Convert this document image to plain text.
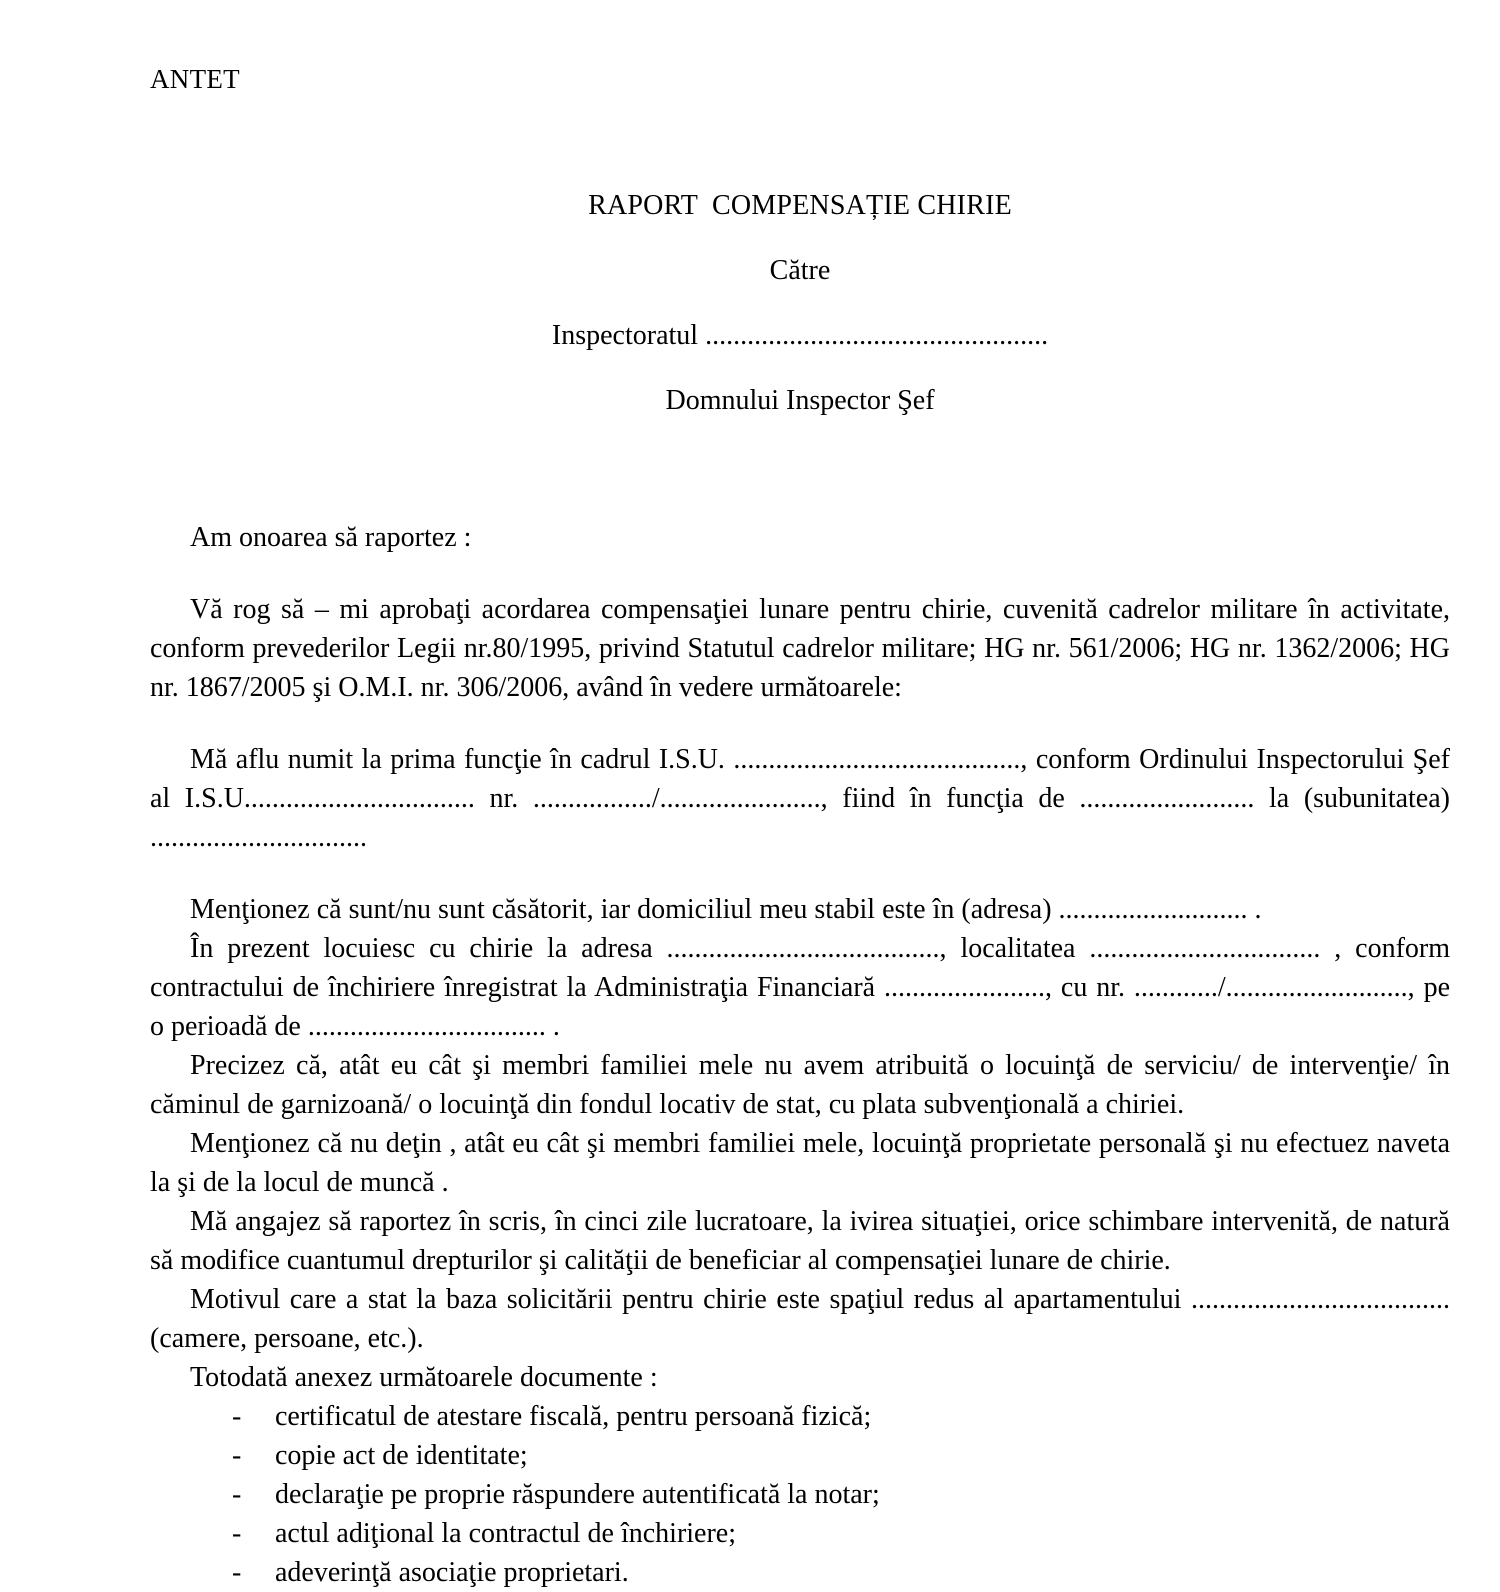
ANTET
RAPORT  COMPENSAȚIE CHIRIE
Către
Inspectoratul .................................................
Domnului Inspector Şef

Am onoarea să raportez :

Vă rog să – mi aprobaţi acordarea compensaţiei lunare pentru chirie, cuvenită cadrelor militare în activitate, conform prevederilor Legii nr.80/1995, privind Statutul cadrelor militare; HG nr. 561/2006; HG nr. 1362/2006; HG nr. 1867/2005 şi O.M.I. nr. 306/2006, având în vedere următoarele:

Mă aflu numit la prima funcţie în cadrul I.S.U. ........................................., conform Ordinului Inspectorului Şef al I.S.U................................. nr. ................./......................., fiind în funcţia de ......................... la (subunitatea) ...............................

Menţionez că sunt/nu sunt căsătorit, iar domiciliul meu stabil este în (adresa) ........................... .

În prezent locuiesc cu chirie la adresa ......................................., localitatea ................................. , conform contractului de închiriere înregistrat la Administraţia Financiară ......................., cu nr. ............/.........................., pe o perioadă de .................................. .

Precizez că, atât eu cât şi membri familiei mele nu avem atribuită o locuinţă de serviciu/ de intervenţie/ în căminul de garnizoană/ o locuinţă din fondul locativ de stat, cu plata subvenţională a chiriei.

Menţionez că nu deţin , atât eu cât şi membri familiei mele, locuinţă proprietate personală şi nu efectuez naveta la şi de la locul de muncă .

Mă angajez să raportez în scris, în cinci zile lucratoare, la ivirea situaţiei, orice schimbare intervenită, de natură să modifice cuantumul drepturilor şi calităţii de beneficiar al compensaţiei lunare de chirie.

Motivul care a stat la baza solicitării pentru chirie este spaţiul redus al apartamentului ..................................... (camere, persoane, etc.).

Totodată anexez următoarele documente :
- certificatul de atestare fiscală, pentru persoană fizică;
- copie act de identitate;
- declaraţie pe proprie răspundere autentificată la notar;
- actul adiţional la contractul de închiriere;
- adeverinţă asociaţie proprietari.
